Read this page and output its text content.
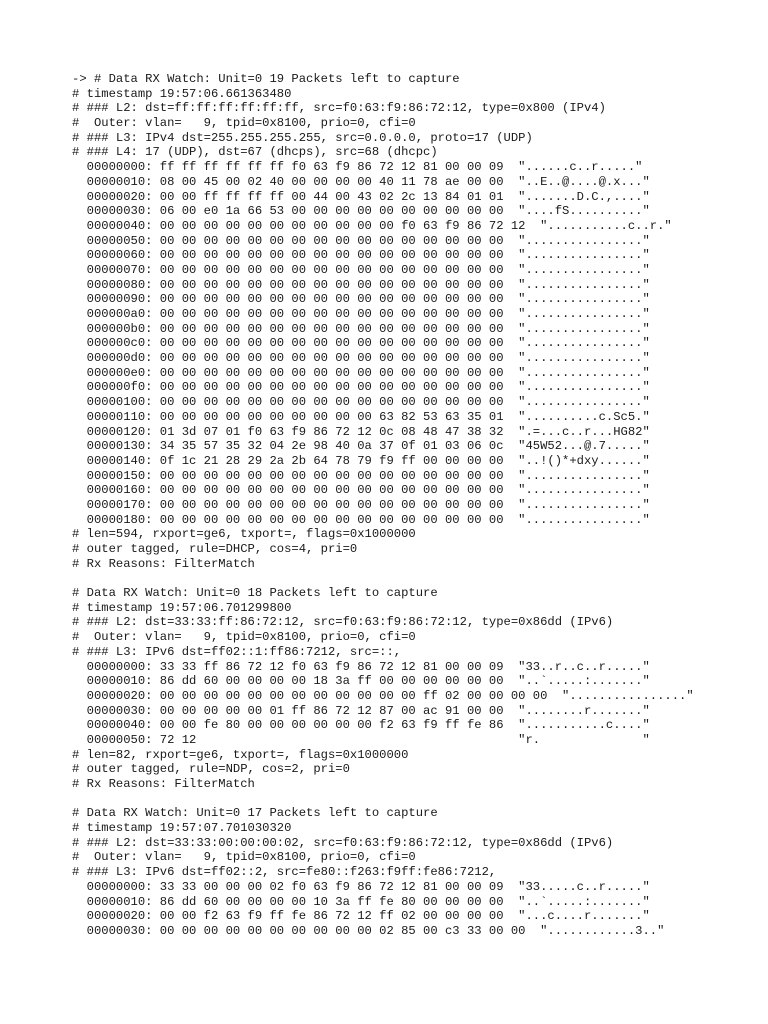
-> # Data RX Watch: Unit=0 19 Packets left to capture
# timestamp 19:57:06.661363480
# ### L2: dst=ff:ff:ff:ff:ff:ff, src=f0:63:f9:86:72:12, type=0x800 (IPv4)
#  Outer: vlan=   9, tpid=0x8100, prio=0, cfi=0
# ### L3: IPv4 dst=255.255.255.255, src=0.0.0.0, proto=17 (UDP)
# ### L4: 17 (UDP), dst=67 (dhcps), src=68 (dhcpc)
00000000: ff ff ff ff ff ff f0 63 f9 86 72 12 81 00 00 09  "......c..r....."
00000010: 08 00 45 00 02 40 00 00 00 00 40 11 78 ae 00 00  "..E..@....@.x..."
00000020: 00 00 ff ff ff ff 00 44 00 43 02 2c 13 84 01 01  ".......D.C.,...."
00000030: 06 00 e0 1a 66 53 00 00 00 00 00 00 00 00 00 00  "....fS.........."
00000040: 00 00 00 00 00 00 00 00 00 00 00 f0 63 f9 86 72 12  "...........c..r."
00000050: 00 00 00 00 00 00 00 00 00 00 00 00 00 00 00 00  "................"
00000060: 00 00 00 00 00 00 00 00 00 00 00 00 00 00 00 00  "................"
00000070: 00 00 00 00 00 00 00 00 00 00 00 00 00 00 00 00  "................"
00000080: 00 00 00 00 00 00 00 00 00 00 00 00 00 00 00 00  "................"
00000090: 00 00 00 00 00 00 00 00 00 00 00 00 00 00 00 00  "................"
000000a0: 00 00 00 00 00 00 00 00 00 00 00 00 00 00 00 00  "................"
000000b0: 00 00 00 00 00 00 00 00 00 00 00 00 00 00 00 00  "................"
000000c0: 00 00 00 00 00 00 00 00 00 00 00 00 00 00 00 00  "................"
000000d0: 00 00 00 00 00 00 00 00 00 00 00 00 00 00 00 00  "................"
000000e0: 00 00 00 00 00 00 00 00 00 00 00 00 00 00 00 00  "................"
000000f0: 00 00 00 00 00 00 00 00 00 00 00 00 00 00 00 00  "................"
00000100: 00 00 00 00 00 00 00 00 00 00 00 00 00 00 00 00  "................"
00000110: 00 00 00 00 00 00 00 00 00 00 63 82 53 63 35 01  "..........c.Sc5."
00000120: 01 3d 07 01 f0 63 f9 86 72 12 0c 08 48 47 38 32  ".=...c..r...HG82"
00000130: 34 35 57 35 32 04 2e 98 40 0a 37 0f 01 03 06 0c  "45W52...@.7....."
00000140: 0f 1c 21 28 29 2a 2b 64 78 79 f9 ff 00 00 00 00  "..!()*+dxy......"
00000150: 00 00 00 00 00 00 00 00 00 00 00 00 00 00 00 00  "................"
00000160: 00 00 00 00 00 00 00 00 00 00 00 00 00 00 00 00  "................"
00000170: 00 00 00 00 00 00 00 00 00 00 00 00 00 00 00 00  "................"
00000180: 00 00 00 00 00 00 00 00 00 00 00 00 00 00 00 00  "................"
# len=594, rxport=ge6, txport=, flags=0x1000000
# outer tagged, rule=DHCP, cos=4, pri=0
# Rx Reasons: FilterMatch
# Data RX Watch: Unit=0 18 Packets left to capture
# timestamp 19:57:06.701299800
# ### L2: dst=33:33:ff:86:72:12, src=f0:63:f9:86:72:12, type=0x86dd (IPv6)
#  Outer: vlan=   9, tpid=0x8100, prio=0, cfi=0
# ### L3: IPv6 dst=ff02::1:ff86:7212, src=::,
00000000: 33 33 ff 86 72 12 f0 63 f9 86 72 12 81 00 00 09  "33..r..c..r....."
00000010: 86 dd 60 00 00 00 00 18 3a ff 00 00 00 00 00 00  "..`.....:......."
00000020: 00 00 00 00 00 00 00 00 00 00 00 00 ff 02 00 00 00 00  "................"
00000030: 00 00 00 00 00 01 ff 86 72 12 87 00 ac 91 00 00  "........r......."
00000040: 00 00 fe 80 00 00 00 00 00 00 f2 63 f9 ff fe 86  "...........c...."
00000050: 72 12                                            "r.              "
# len=82, rxport=ge6, txport=, flags=0x1000000
# outer tagged, rule=NDP, cos=2, pri=0
# Rx Reasons: FilterMatch
# Data RX Watch: Unit=0 17 Packets left to capture
# timestamp 19:57:07.701030320
# ### L2: dst=33:33:00:00:00:02, src=f0:63:f9:86:72:12, type=0x86dd (IPv6)
#  Outer: vlan=   9, tpid=0x8100, prio=0, cfi=0
# ### L3: IPv6 dst=ff02::2, src=fe80::f263:f9ff:fe86:7212,
00000000: 33 33 00 00 00 02 f0 63 f9 86 72 12 81 00 00 09  "33.....c..r....."
00000010: 86 dd 60 00 00 00 00 10 3a ff fe 80 00 00 00 00  "..`.....:......."
00000020: 00 00 f2 63 f9 ff fe 86 72 12 ff 02 00 00 00 00  "...c....r......."
00000030: 00 00 00 00 00 00 00 00 00 00 02 85 00 c3 33 00 00  "............3.."
